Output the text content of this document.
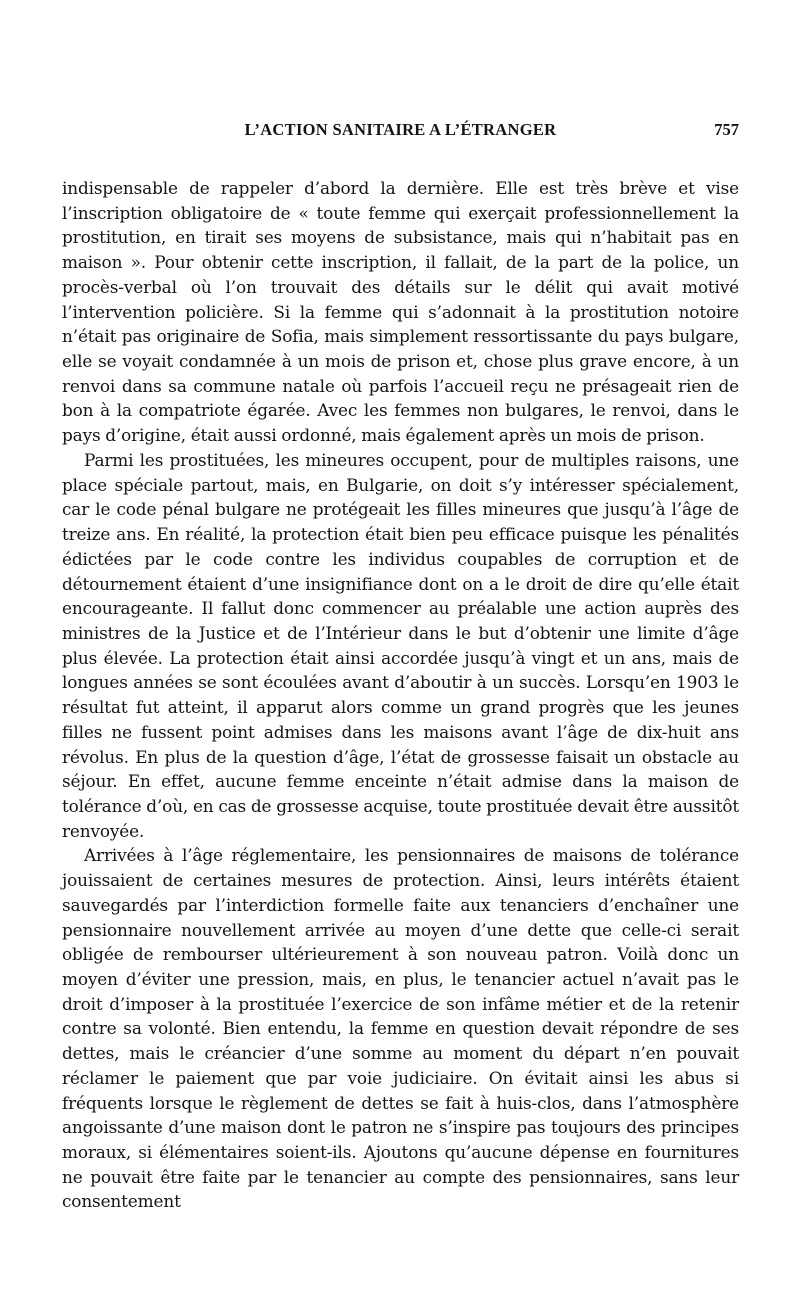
L’ACTION SANITAIRE A L’ÉTRANGER	757

indispensable de rappeler d’abord la dernière. Elle est très brève et vise l’inscription obligatoire de « toute femme qui exerçait professionnellement la prostitution, en tirait ses moyens de subsistance, mais qui n’habitait pas en maison ». Pour obtenir cette inscription, il fallait, de la part de la police, un procès-verbal où l’on trouvait des détails sur le délit qui avait motivé l’intervention policière. Si la femme qui s’adonnait à la prostitution notoire n’était pas originaire de Sofia, mais simplement ressortissante du pays bulgare, elle se voyait condamnée à un mois de prison et, chose plus grave encore, à un renvoi dans sa commune natale où parfois l’accueil reçu ne présageait rien de bon à la compatriote égarée. Avec les femmes non bulgares, le renvoi, dans le pays d’origine, était aussi ordonné, mais également après un mois de prison.

Parmi les prostituées, les mineures occupent, pour de multiples raisons, une place spéciale partout, mais, en Bulgarie, on doit s’y intéresser spécialement, car le code pénal bulgare ne protégeait les filles mineures que jusqu’à l’âge de treize ans. En réalité, la protection était bien peu efficace puisque les pénalités édictées par le code contre les individus coupables de corruption et de détournement étaient d’une insignifiance dont on a le droit de dire qu’elle était encourageante. Il fallut donc commencer au préalable une action auprès des ministres de la Justice et de l’Intérieur dans le but d’obtenir une limite d’âge plus élevée. La protection était ainsi accordée jusqu’à vingt et un ans, mais de longues années se sont écoulées avant d’aboutir à un succès. Lorsqu’en 1903 le résultat fut atteint, il apparut alors comme un grand progrès que les jeunes filles ne fussent point admises dans les maisons avant l’âge de dix-huit ans révolus. En plus de la question d’âge, l’état de grossesse faisait un obstacle au séjour. En effet, aucune femme enceinte n’était admise dans la maison de tolérance d’où, en cas de grossesse acquise, toute prostituée devait être aussitôt renvoyée.

Arrivées à l’âge réglementaire, les pensionnaires de maisons de tolérance jouissaient de certaines mesures de protection. Ainsi, leurs intérêts étaient sauvegardés par l’interdiction formelle faite aux tenanciers d’enchaîner une pensionnaire nouvellement arrivée au moyen d’une dette que celle-ci serait obligée de rembourser ultérieurement à son nouveau patron. Voilà donc un moyen d’éviter une pression, mais, en plus, le tenancier actuel n’avait pas le droit d’imposer à la prostituée l’exercice de son infâme métier et de la retenir contre sa volonté. Bien entendu, la femme en question devait répondre de ses dettes, mais le créancier d’une somme au moment du départ n’en pouvait réclamer le paiement que par voie judiciaire. On évitait ainsi les abus si fréquents lorsque le règlement de dettes se fait à huis-clos, dans l’atmosphère angoissante d’une maison dont le patron ne s’inspire pas toujours des principes moraux, si élémentaires soient-ils. Ajoutons qu’aucune dépense en fournitures ne pouvait être faite par le tenancier au compte des pensionnaires, sans leur consentement
